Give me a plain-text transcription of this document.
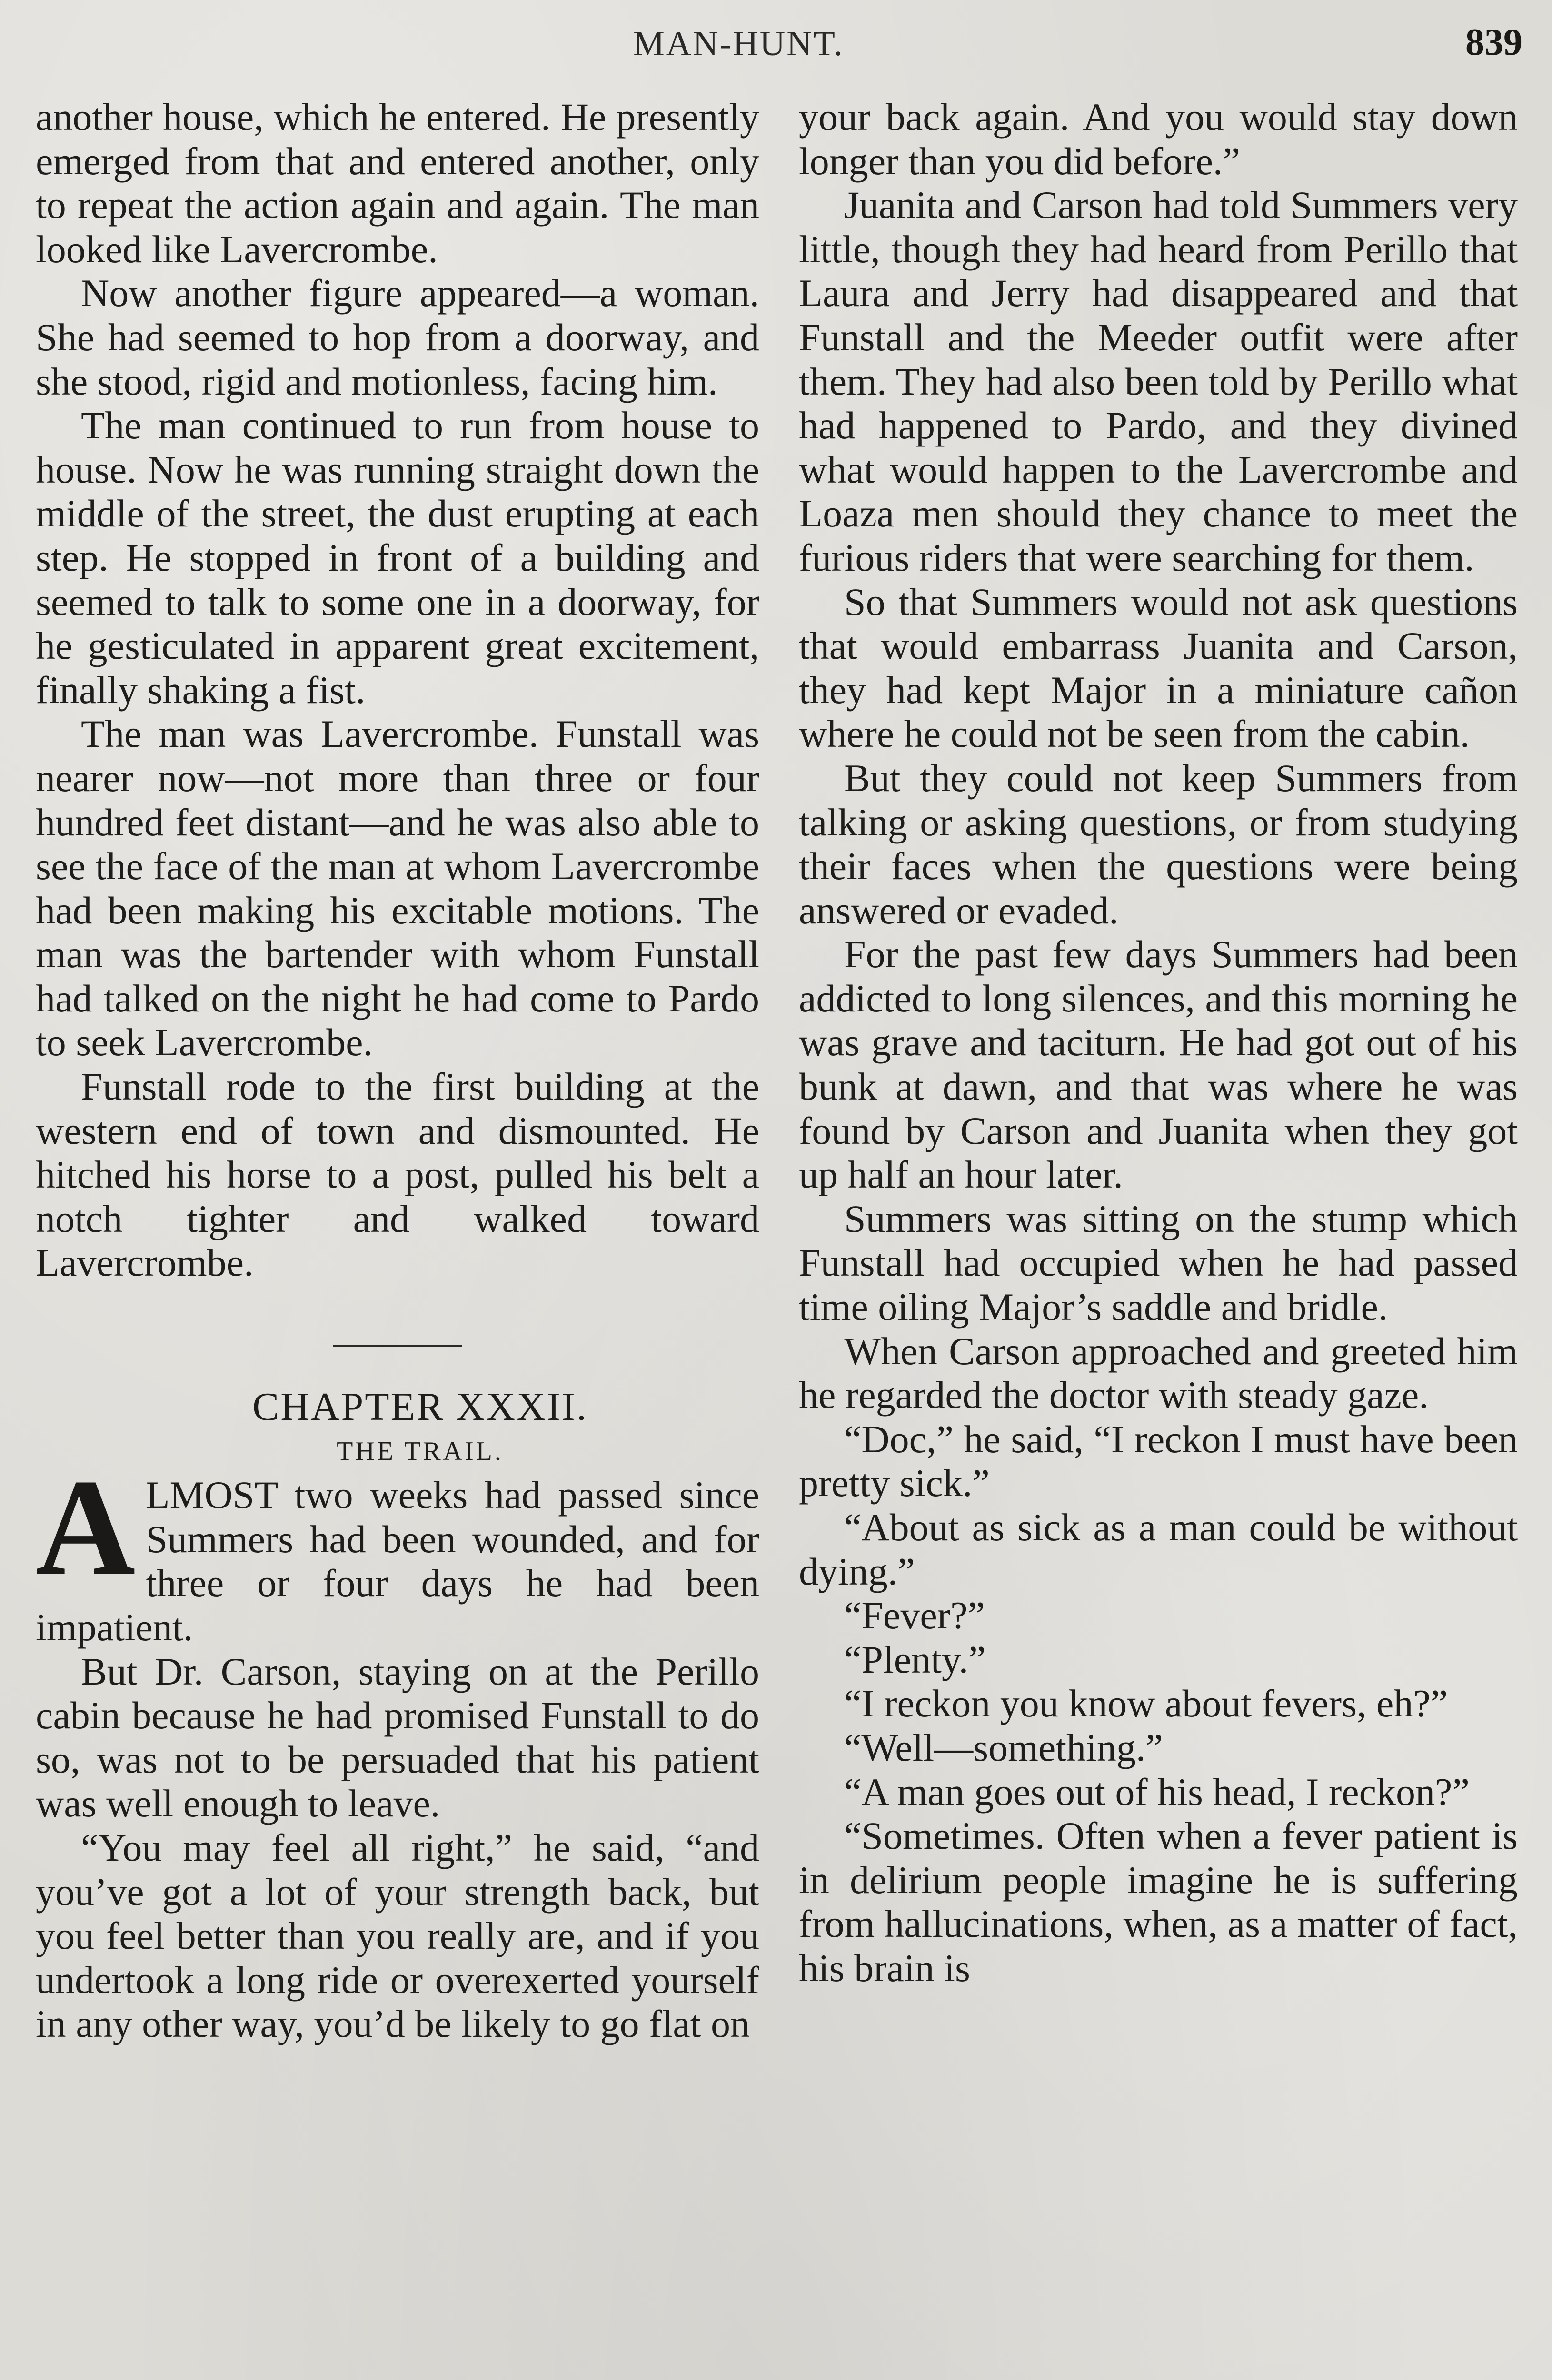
MAN-HUNT.	839

another house, which he entered. He presently emerged from that and entered another, only to repeat the action again and again. The man looked like Lavercrombe.

Now another figure appeared—a woman. She had seemed to hop from a doorway, and she stood, rigid and motionless, facing him.

The man continued to run from house to house. Now he was running straight down the middle of the street, the dust erupting at each step. He stopped in front of a building and seemed to talk to some one in a doorway, for he gesticulated in apparent great excitement, finally shaking a fist.

The man was Lavercrombe. Funstall was nearer now—not more than three or four hundred feet distant—and he was also able to see the face of the man at whom Lavercrombe had been making his excitable motions. The man was the bartender with whom Funstall had talked on the night he had come to Pardo to seek Lavercrombe.

Funstall rode to the first building at the western end of town and dismounted. He hitched his horse to a post, pulled his belt a notch tighter and walked toward Lavercrombe.

CHAPTER XXXII.

THE TRAIL.

ALMOST two weeks had passed since Summers had been wounded, and for three or four days he had been impatient.

But Dr. Carson, staying on at the Perillo cabin because he had promised Funstall to do so, was not to be persuaded that his patient was well enough to leave.

“You may feel all right,” he said, “and you’ve got a lot of your strength back, but you feel better than you really are, and if you undertook a long ride or overexerted yourself in any other way, you’d be likely to go flat on

your back again. And you would stay down longer than you did before.”

Juanita and Carson had told Summers very little, though they had heard from Perillo that Laura and Jerry had disappeared and that Funstall and the Meeder outfit were after them. They had also been told by Perillo what had happened to Pardo, and they divined what would happen to the Lavercrombe and Loaza men should they chance to meet the furious riders that were searching for them.

So that Summers would not ask questions that would embarrass Juanita and Carson, they had kept Major in a miniature cañon where he could not be seen from the cabin.

But they could not keep Summers from talking or asking questions, or from studying their faces when the questions were being answered or evaded.

For the past few days Summers had been addicted to long silences, and this morning he was grave and taciturn. He had got out of his bunk at dawn, and that was where he was found by Carson and Juanita when they got up half an hour later.

Summers was sitting on the stump which Funstall had occupied when he had passed time oiling Major’s saddle and bridle.

When Carson approached and greeted him he regarded the doctor with steady gaze.

“Doc,” he said, “I reckon I must have been pretty sick.”

“About as sick as a man could be without dying.”

“Fever?”

“Plenty.”

“I reckon you know about fevers, eh?”

“Well—something.”

“A man goes out of his head, I reckon?”

“Sometimes. Often when a fever patient is in delirium people imagine he is suffering from hallucinations, when, as a matter of fact, his brain is
